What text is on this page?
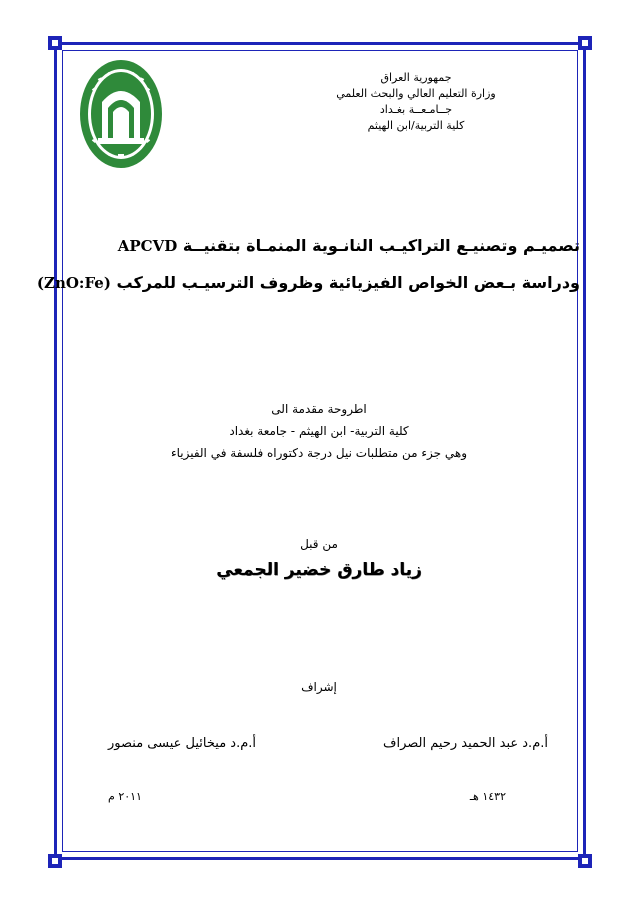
جمهورية العراق
وزارة التعليم العالي والبحث العلمي
جــامـعــة بغـداد
كلية التربية/ابن الهيثم
تصميـم وتصنيـع التراكيـب النانـوية المنمـاة بتقنيــة APCVD
ودراسة بـعض الخواص الفيزيائية وظروف الترسيـب للمركب (ZnO:Fe)
اطروحة مقدمة الى
كلية التربية- ابن الهيثم - جامعة بغداد
وهي جزء من متطلبات نيل درجة دكتوراه فلسفة في الفيزياء
من قبل
زياد طارق خضير الجمعي
إشراف
أ.م.د عبد الحميد رحيم الصراف
أ.م.د ميخائيل عيسى منصور
١٤٣٢ هـ
٢٠١١ م
